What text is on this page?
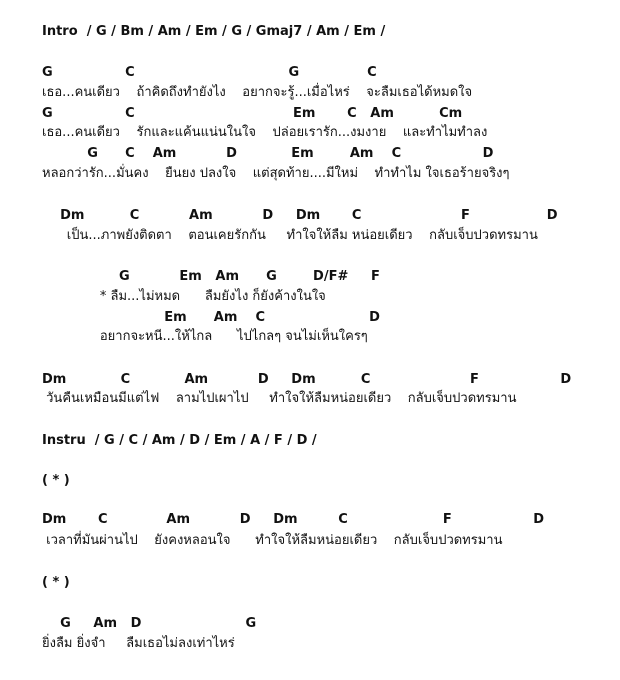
Intro  / G / Bm / Am / Em / G / Gmaj7 / Am / Em /
G                C                                  G               C
เธอ...คนเดียว    ถ้าคิดถึงทำยังไง    อยากจะรู้...เมื่อไหร่    จะลืมเธอได้หมดใจ
G                C                                   Em       C   Am          Cm
เธอ...คนเดียว    รักและแค้นแน่นในใจ    ปล่อยเรารัก...งมงาย    และทำไมทำลง
G      C    Am           D            Em        Am    C                  D
หลอกว่ารัก...มั่นคง    ยืนยง ปลงใจ    แต่สุดท้าย....มีใหม่    ทำทำไม ใจเธอร้ายจริงๆ
Dm          C           Am           D     Dm       C                      F                 D
เป็น...ภาพยังติดตา    ตอนเคยรักกัน     ทำใจให้ลืม หน่อยเดียว    กลับเจ็บปวดทรมาน
G           Em   Am      G        D/F#     F
* ลืม...ไม่หมด      ลืมยังไง ก็ยังค้างในใจ
Em      Am    C                       D
อยากจะหนี...ให้ไกล      ไปไกลๆ จนไม่เห็นใครๆ
Dm            C            Am           D     Dm          C                      F                  D
วันคืนเหมือนมีแต่ไฟ    ลามไปเผาไป     ทำใจให้ลืมหน่อยเดียว    กลับเจ็บปวดทรมาน
Instru  / G / C / Am / D / Em / A / F / D /
( * )
Dm       C             Am           D     Dm         C                     F                  D
เวลาที่มันผ่านไป    ยังคงหลอนใจ      ทำใจให้ลืมหน่อยเดียว    กลับเจ็บปวดทรมาน
( * )
G     Am   D                       G
ยิ่งลืม ยิ่งจำ     ลืมเธอไม่ลงเท่าไหร่
